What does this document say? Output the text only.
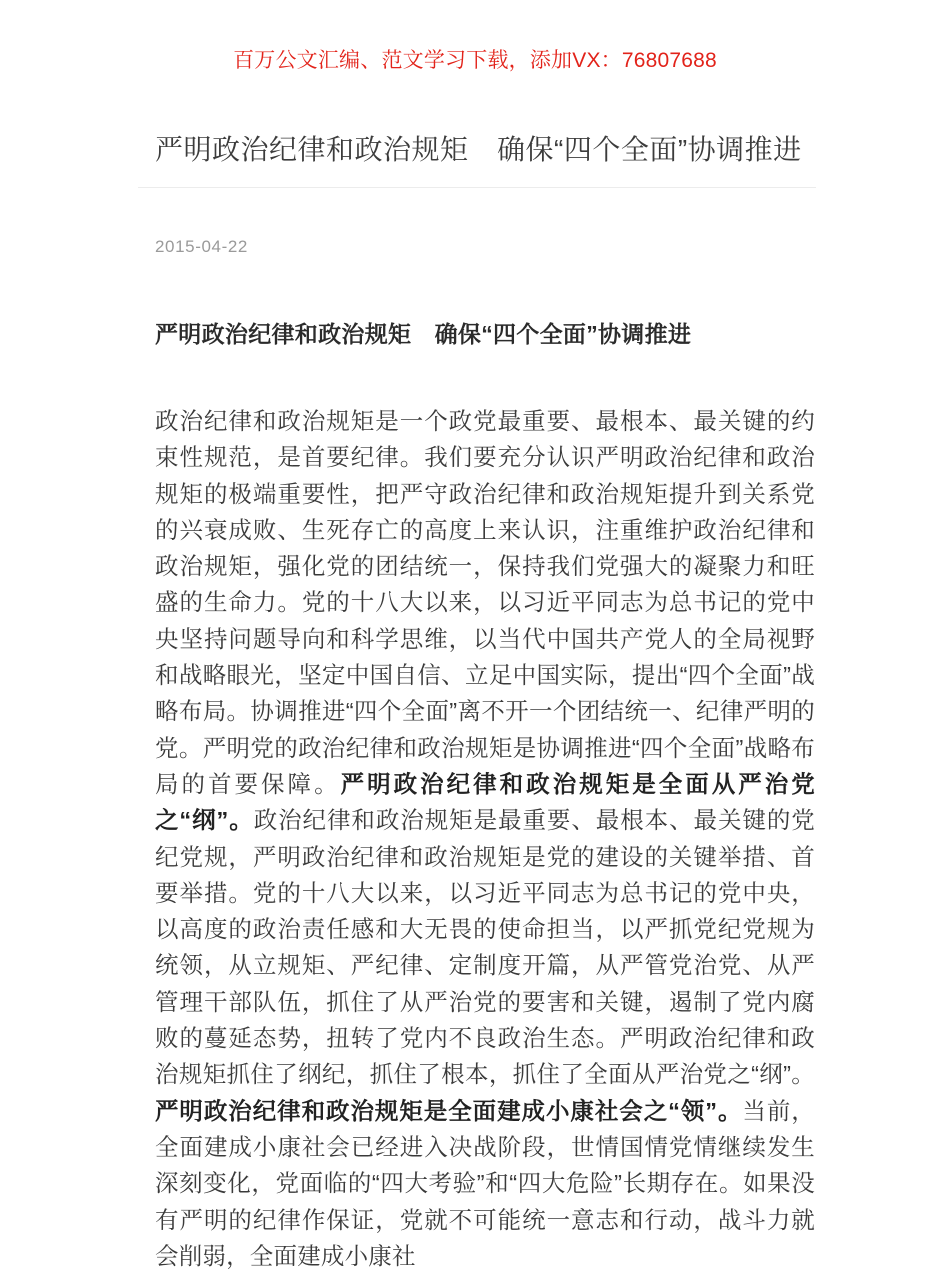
百万公文汇编、范文学习下载，添加VX：76807688
严明政治纪律和政治规矩　确保“四个全面”协调推进
2015-04-22
严明政治纪律和政治规矩　确保“四个全面”协调推进

政治纪律和政治规矩是一个政党最重要、最根本、最关键的约束性规范，是首要纪律。我们要充分认识严明政治纪律和政治规矩的极端重要性，把严守政治纪律和政治规矩提升到关系党的兴衰成败、生死存亡的高度上来认识，注重维护政治纪律和政治规矩，强化党的团结统一，保持我们党强大的凝聚力和旺盛的生命力。党的十八大以来，以习近平同志为总书记的党中央坚持问题导向和科学思维，以当代中国共产党人的全局视野和战略眼光，坚定中国自信、立足中国实际，提出“四个全面”战略布局。协调推进“四个全面”离不开一个团结统一、纪律严明的党。严明党的政治纪律和政治规矩是协调推进“四个全面”战略布局的首要保障。严明政治纪律和政治规矩是全面从严治党之“纲”。政治纪律和政治规矩是最重要、最根本、最关键的党纪党规，严明政治纪律和政治规矩是党的建设的关键举措、首要举措。党的十八大以来，以习近平同志为总书记的党中央，以高度的政治责任感和大无畏的使命担当，以严抓党纪党规为统领，从立规矩、严纪律、定制度开篇，从严管党治党、从严管理干部队伍，抓住了从严治党的要害和关键，遏制了党内腐败的蔓延态势，扭转了党内不良政治生态。严明政治纪律和政治规矩抓住了纲纪，抓住了根本，抓住了全面从严治党之“纲”。严明政治纪律和政治规矩是全面建成小康社会之“领”。当前，全面建成小康社会已经进入决战阶段，世情国情党情继续发生深刻变化，党面临的“四大考验”和“四大危险”长期存在。如果没有严明的纪律作保证，党就不可能统一意志和行动，战斗力就会削弱，全面建成小康社
